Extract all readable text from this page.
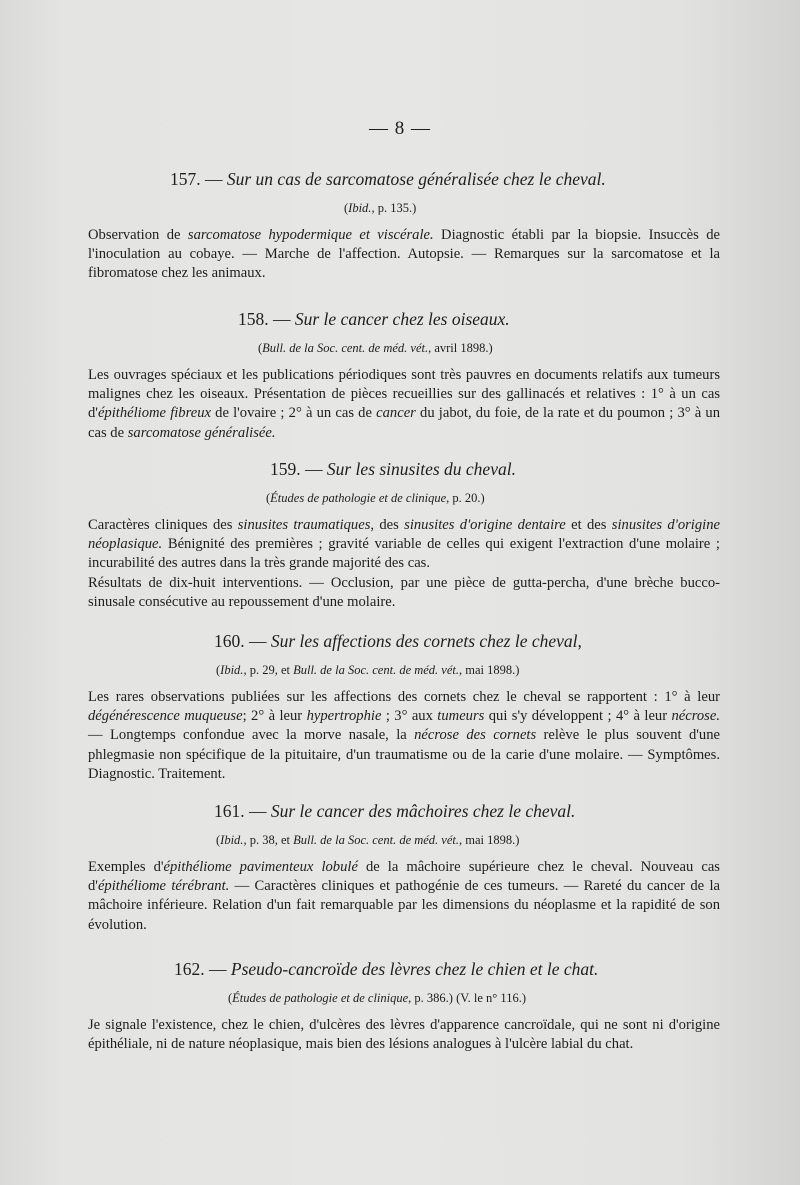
— 8 —
157. — Sur un cas de sarcomatose généralisée chez le cheval.
(Ibid., p. 135.)

Observation de sarcomatose hypodermique et viscérale. Diagnostic établi par la biopsie. Insuccès de l'inoculation au cobaye. — Marche de l'affection. Autopsie. — Remarques sur la sarcomatose et la fibromatose chez les animaux.

158. — Sur le cancer chez les oiseaux.
(Bull. de la Soc. cent. de méd. vét., avril 1898.)

Les ouvrages spéciaux et les publications périodiques sont très pauvres en documents relatifs aux tumeurs malignes chez les oiseaux. Présentation de pièces recueillies sur des gallinacés et relatives : 1° à un cas d'épithéliome fibreux de l'ovaire ; 2° à un cas de cancer du jabot, du foie, de la rate et du poumon ; 3° à un cas de sarcomatose généralisée.

159. — Sur les sinusites du cheval.
(Études de pathologie et de clinique, p. 20.)

Caractères cliniques des sinusites traumatiques, des sinusites d'origine dentaire et des sinusites d'origine néoplasique. Bénignité des premières ; gravité variable de celles qui exigent l'extraction d'une molaire ; incurabilité des autres dans la très grande majorité des cas.

Résultats de dix-huit interventions. — Occlusion, par une pièce de gutta-percha, d'une brèche bucco-sinusale consécutive au repoussement d'une molaire.

160. — Sur les affections des cornets chez le cheval,
(Ibid., p. 29, et Bull. de la Soc. cent. de méd. vét., mai 1898.)

Les rares observations publiées sur les affections des cornets chez le cheval se rapportent : 1° à leur dégénérescence muqueuse; 2° à leur hypertrophie ; 3° aux tumeurs qui s'y développent ; 4° à leur nécrose. — Longtemps confondue avec la morve nasale, la nécrose des cornets relève le plus souvent d'une phlegmasie non spécifique de la pituitaire, d'un traumatisme ou de la carie d'une molaire. — Symptômes. Diagnostic. Traitement.

161. — Sur le cancer des mâchoires chez le cheval.
(Ibid., p. 38, et Bull. de la Soc. cent. de méd. vét., mai 1898.)

Exemples d'épithéliome pavimenteux lobulé de la mâchoire supérieure chez le cheval. Nouveau cas d'épithéliome térébrant. — Caractères cliniques et pathogénie de ces tumeurs. — Rareté du cancer de la mâchoire inférieure. Relation d'un fait remarquable par les dimensions du néoplasme et la rapidité de son évolution.

162. — Pseudo-cancroïde des lèvres chez le chien et le chat.
(Études de pathologie et de clinique, p. 386.) (V. le n° 116.)

Je signale l'existence, chez le chien, d'ulcères des lèvres d'apparence cancroïdale, qui ne sont ni d'origine épithéliale, ni de nature néoplasique, mais bien des lésions analogues à l'ulcère labial du chat.
